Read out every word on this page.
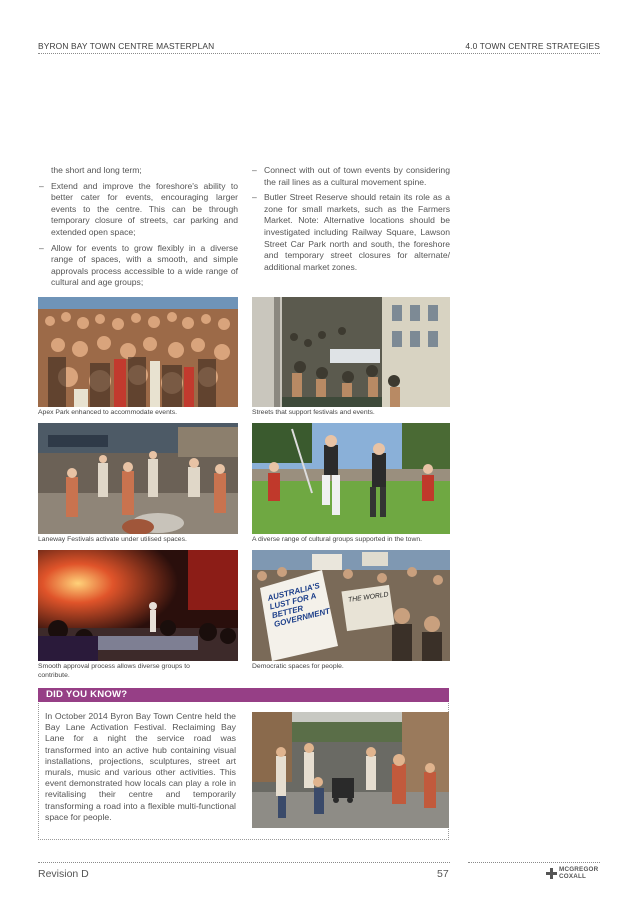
BYRON BAY TOWN CENTRE MASTERPLAN	4.0 TOWN CENTRE STRATEGIES

the short and long term;

– Extend and improve the foreshore's ability to better cater for events, encouraging larger events to the centre. This can be through temporary closure of streets, car parking and extended open space;

– Allow for events to grow flexibly in a diverse range of spaces, with a smooth, and simple approvals process accessible to a wide range of cultural and age groups;

– Connect with out of town events by considering the rail lines as a cultural movement spine.

– Butler Street Reserve should retain its role as a zone for small markets, such as the Farmers Market. Note: Alternative locations should be investigated including Railway Square, Lawson Street Car Park north and south, the foreshore and temporary street closures for alternate/ additional market zones.

Apex Park enhanced to accommodate events.	Streets that support festivals and events.
Laneway Festivals activate under utilised spaces.	A diverse range of cultural groups supported in the town.
Smooth approval process allows diverse groups to contribute.
AUSTRALIA'S LUST FOR A BETTER GOVERNMENT
THE WORLD
Democratic spaces for people.
DID YOU KNOW?
In October 2014 Byron Bay Town Centre held the Bay Lane Activation Festival. Reclaiming Bay Lane for a night the service road was transformed into an active hub containing visual installations, projections, sculptures, street art murals, music and various other activities. This event demonstrated how locals can play a role in revitalising their centre and temporarily transforming a road into a flexible multi-functional space for people.
Revision D	57	MCGREGOR
COXALL
